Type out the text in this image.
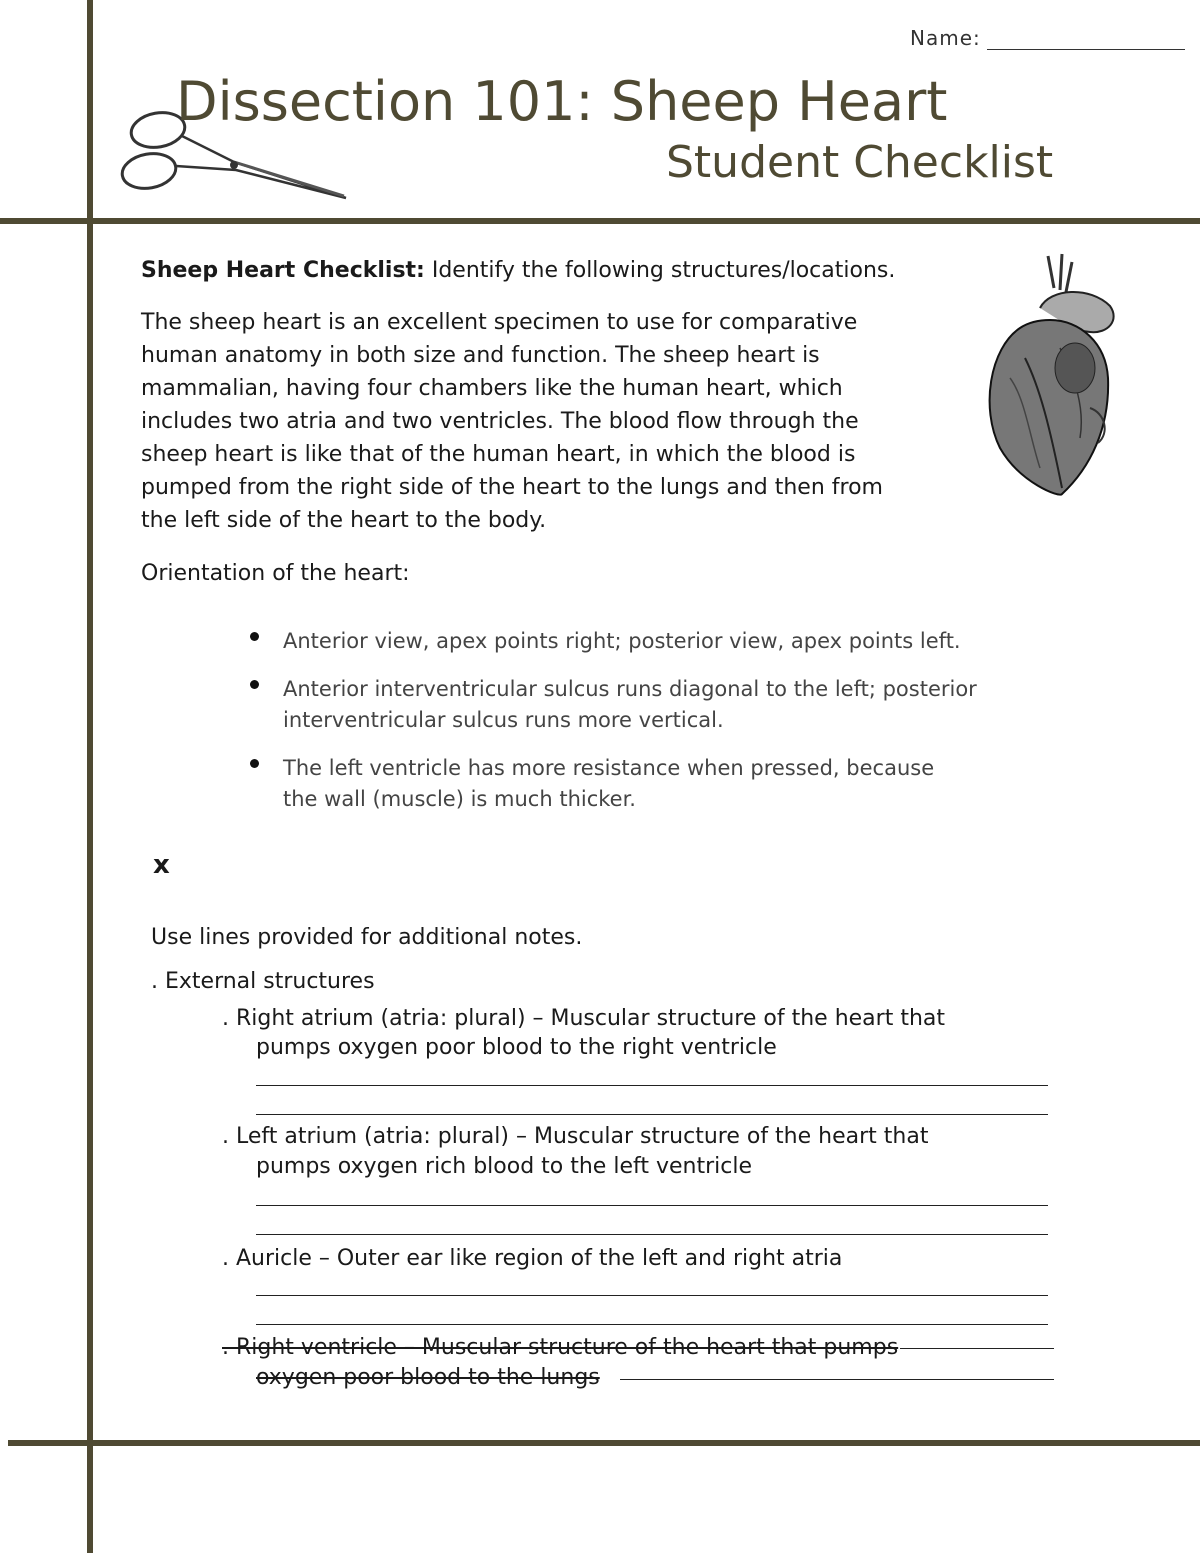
Name:
Dissection 101: Sheep Heart
Student Checklist
Sheep Heart Checklist: Identify the following structures/locations.
The sheep heart is an excellent specimen to use for comparative
human anatomy in both size and function. The sheep heart is
mammalian, having four chambers like the human heart, which
includes two atria and two ventricles. The blood flow through the
sheep heart is like that of the human heart, in which the blood is
pumped from the right side of the heart to the lungs and then from
the left side of the heart to the body.
Orientation of the heart:
Anterior view, apex points right; posterior view, apex points left.
Anterior interventricular sulcus runs diagonal to the left; posterior
interventricular sulcus runs more vertical.
The left ventricle has more resistance when pressed, because
the wall (muscle) is much thicker.
x
Use lines provided for additional notes.
. External structures
. Right atrium (atria: plural) – Muscular structure of the heart that
pumps oxygen poor blood to the right ventricle
. Left atrium (atria: plural) – Muscular structure of the heart that
pumps oxygen rich blood to the left ventricle
. Auricle – Outer ear like region of the left and right atria
. Right ventricle – Muscular structure of the heart that pumps
oxygen poor blood to the lungs
